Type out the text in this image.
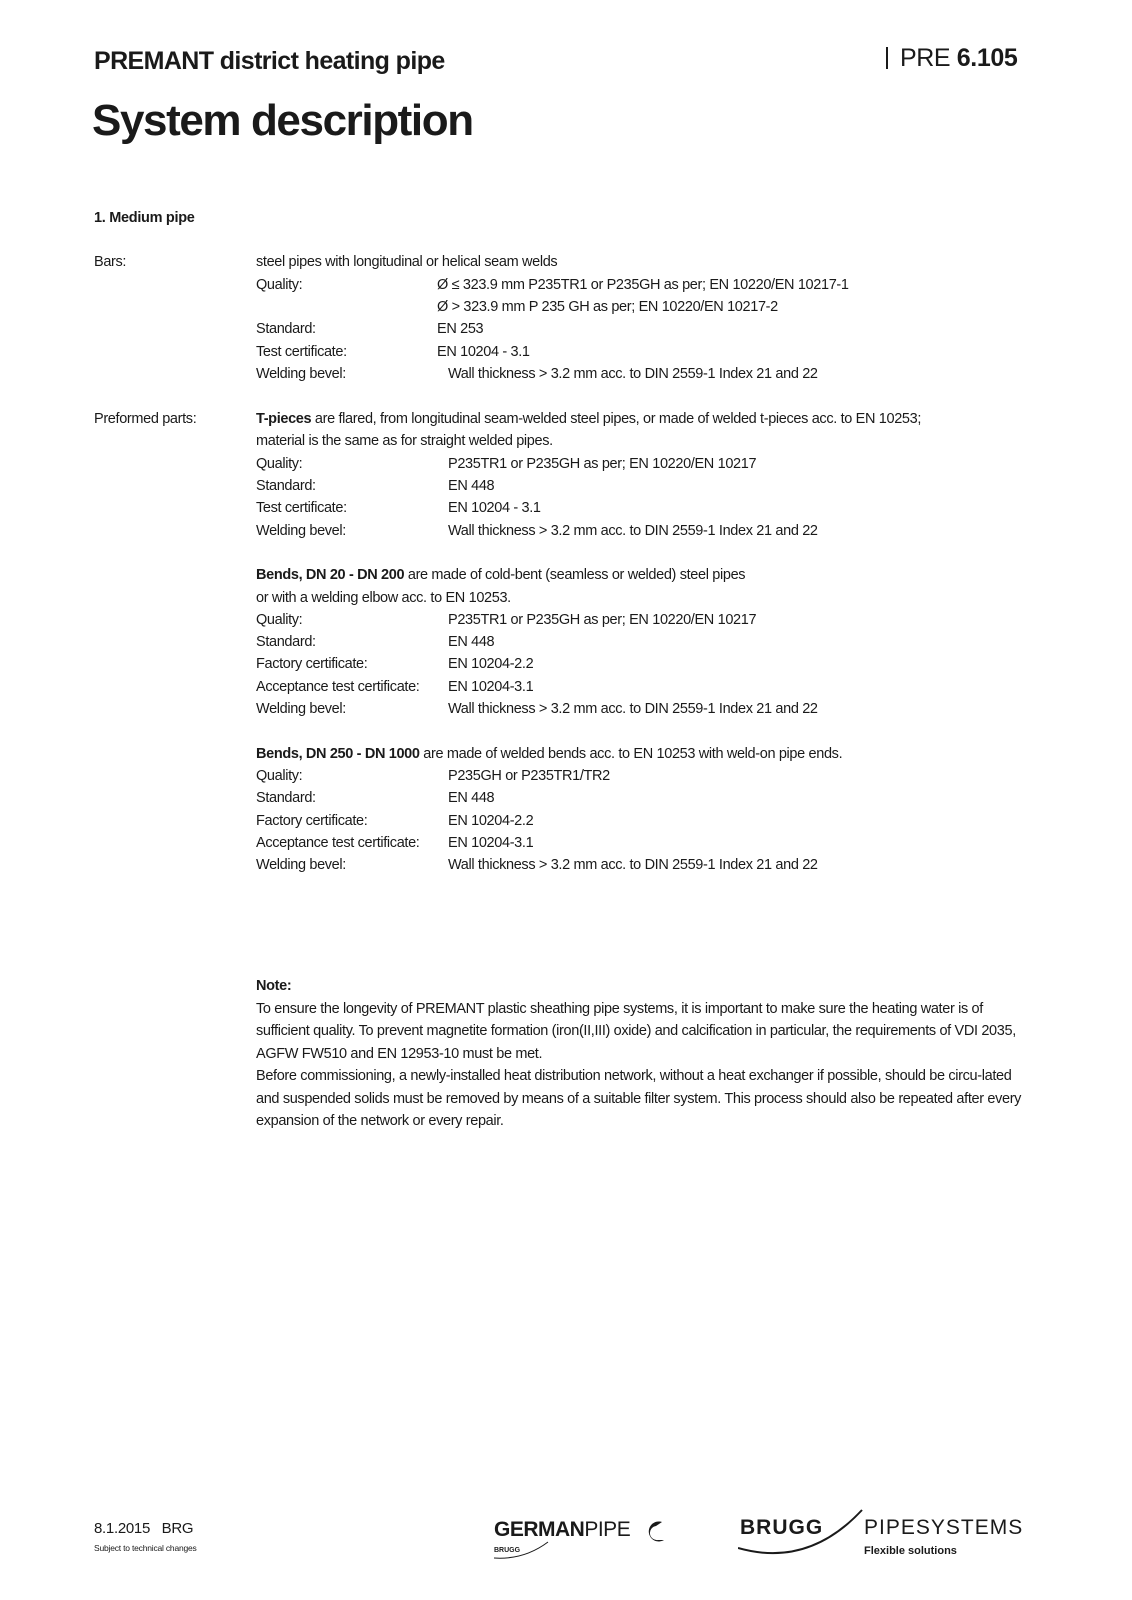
PREMANT district heating pipe	PRE 6.105
System description
1. Medium pipe
Bars:	steel pipes with longitudinal or helical seam welds
Quality:	Ø ≤ 323.9 mm P235TR1 or P235GH as per; EN 10220/EN 10217-1
Ø > 323.9 mm P 235 GH as per; EN 10220/EN 10217-2
Standard:	EN 253
Test certificate:	EN 10204 - 3.1
Welding bevel:	Wall thickness > 3.2 mm acc. to DIN 2559-1 Index 21 and 22
Preformed parts:	T-pieces are flared, from longitudinal seam-welded steel pipes, or made of welded t-pieces acc. to EN 10253;
material is the same as for straight welded pipes.
Quality:	P235TR1 or P235GH as per; EN 10220/EN 10217
Standard:	EN 448
Test certificate:	EN 10204 - 3.1
Welding bevel:	Wall thickness > 3.2 mm acc. to DIN 2559-1 Index 21 and 22
Bends, DN 20 - DN 200 are made of cold-bent (seamless or welded) steel pipes
or with a welding elbow acc. to EN 10253.
Quality:	P235TR1 or P235GH as per; EN 10220/EN 10217
Standard:	EN 448
Factory certificate:	EN 10204-2.2
Acceptance test certificate: EN 10204-3.1
Welding bevel:	Wall thickness > 3.2 mm acc. to DIN 2559-1 Index 21 and 22
Bends, DN 250 - DN 1000 are made of welded bends acc. to EN 10253 with weld-on pipe ends.
Quality:	P235GH or P235TR1/TR2
Standard:	EN 448
Factory certificate:	EN 10204-2.2
Acceptance test certificate: EN 10204-3.1
Welding bevel:	Wall thickness > 3.2 mm acc. to DIN 2559-1 Index 21 and 22
Note:
To ensure the longevity of PREMANT plastic sheathing pipe systems, it is important to make sure the heating water is of sufficient quality. To prevent magnetite formation (iron(II,III) oxide) and calcification in particular, the requirements of VDI 2035, AGFW FW510 and EN 12953-10 must be met.
Before commissioning, a newly-installed heat distribution network, without a heat exchanger if possible, should be circu-lated and suspended solids must be removed by means of a suitable filter system. This process should also be repeated after every expansion of the network or every repair.
8.1.2015 BRG
Subject to technical changes
GERMANPIPE
BRUGG
BRUGG PIPESYSTEMS
Flexible solutions
